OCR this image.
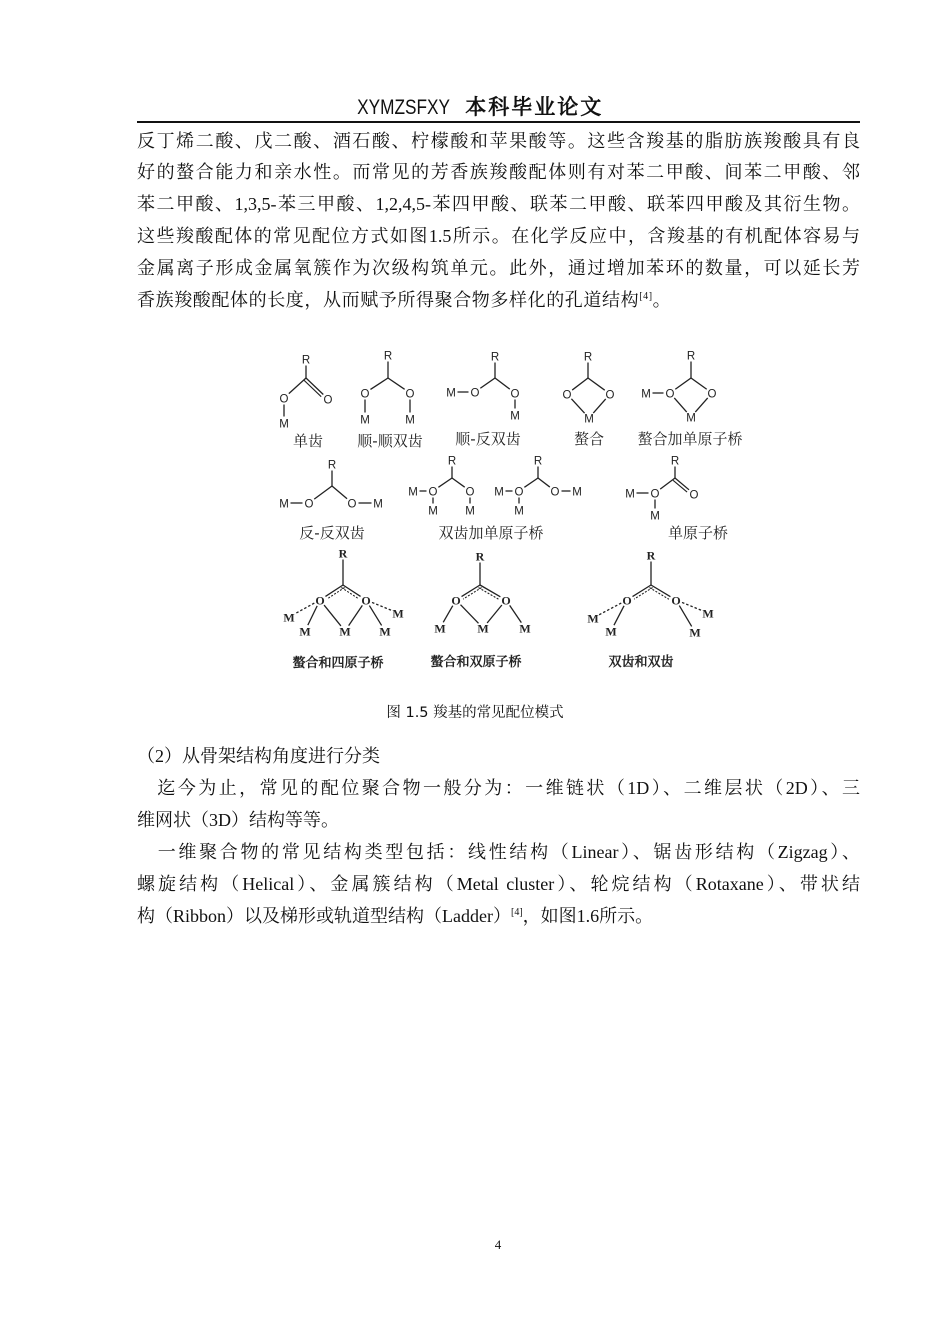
XYMZSFXY 本科毕业论文
反丁烯二酸、戊二酸、酒石酸、柠檬酸和苹果酸等。这些含羧基的脂肪族羧酸具有良
好的螯合能力和亲水性。而常见的芳香族羧酸配体则有对苯二甲酸、间苯二甲酸、邻
苯二甲酸、1,3,5-苯三甲酸、1,2,4,5-苯四甲酸、联苯二甲酸、联苯四甲酸及其衍生物。
这些羧酸配体的常见配位方式如图1.5所示。在化学反应中，含羧基的有机配体容易与
金属离子形成金属氧簇作为次级构筑单元。此外，通过增加苯环的数量，可以延长芳
香族羧酸配体的长度，从而赋予所得聚合物多样化的孔道结构[4]。
R
O
O
M
R
O	O
M	M
R
O
M	O
M
R
O	O
M
R
O
M	O
M
R
O
M	O M
R
O
M
M
O
M
R
O
M
M
O M
R
O
M
M
O
R
O	O
M
M M M
M
R
O	O
M	M	M
R
O	O
M
M
M
M
单齿 顺-顺双齿 顺-反双齿	螯合 螯合加单原子桥
反-反双齿	双齿加单原子桥	单原子桥
螯合和四原子桥	螯合和双原子桥	双齿和双齿
图 1.5 羧基的常见配位模式
（2）从骨架结构角度进行分类
　迄今为止，常见的配位聚合物一般分为：一维链状（1D）、二维层状（2D）、三
维网状（3D）结构等等。
　一维聚合物的常见结构类型包括：线性结构（Linear）、锯齿形结构（Zigzag）、
螺旋结构（Helical）、金属簇结构（Metal cluster）、轮烷结构（Rotaxane）、带状结
构（Ribbon）以及梯形或轨道型结构（Ladder）[4]，如图1.6所示。
4
